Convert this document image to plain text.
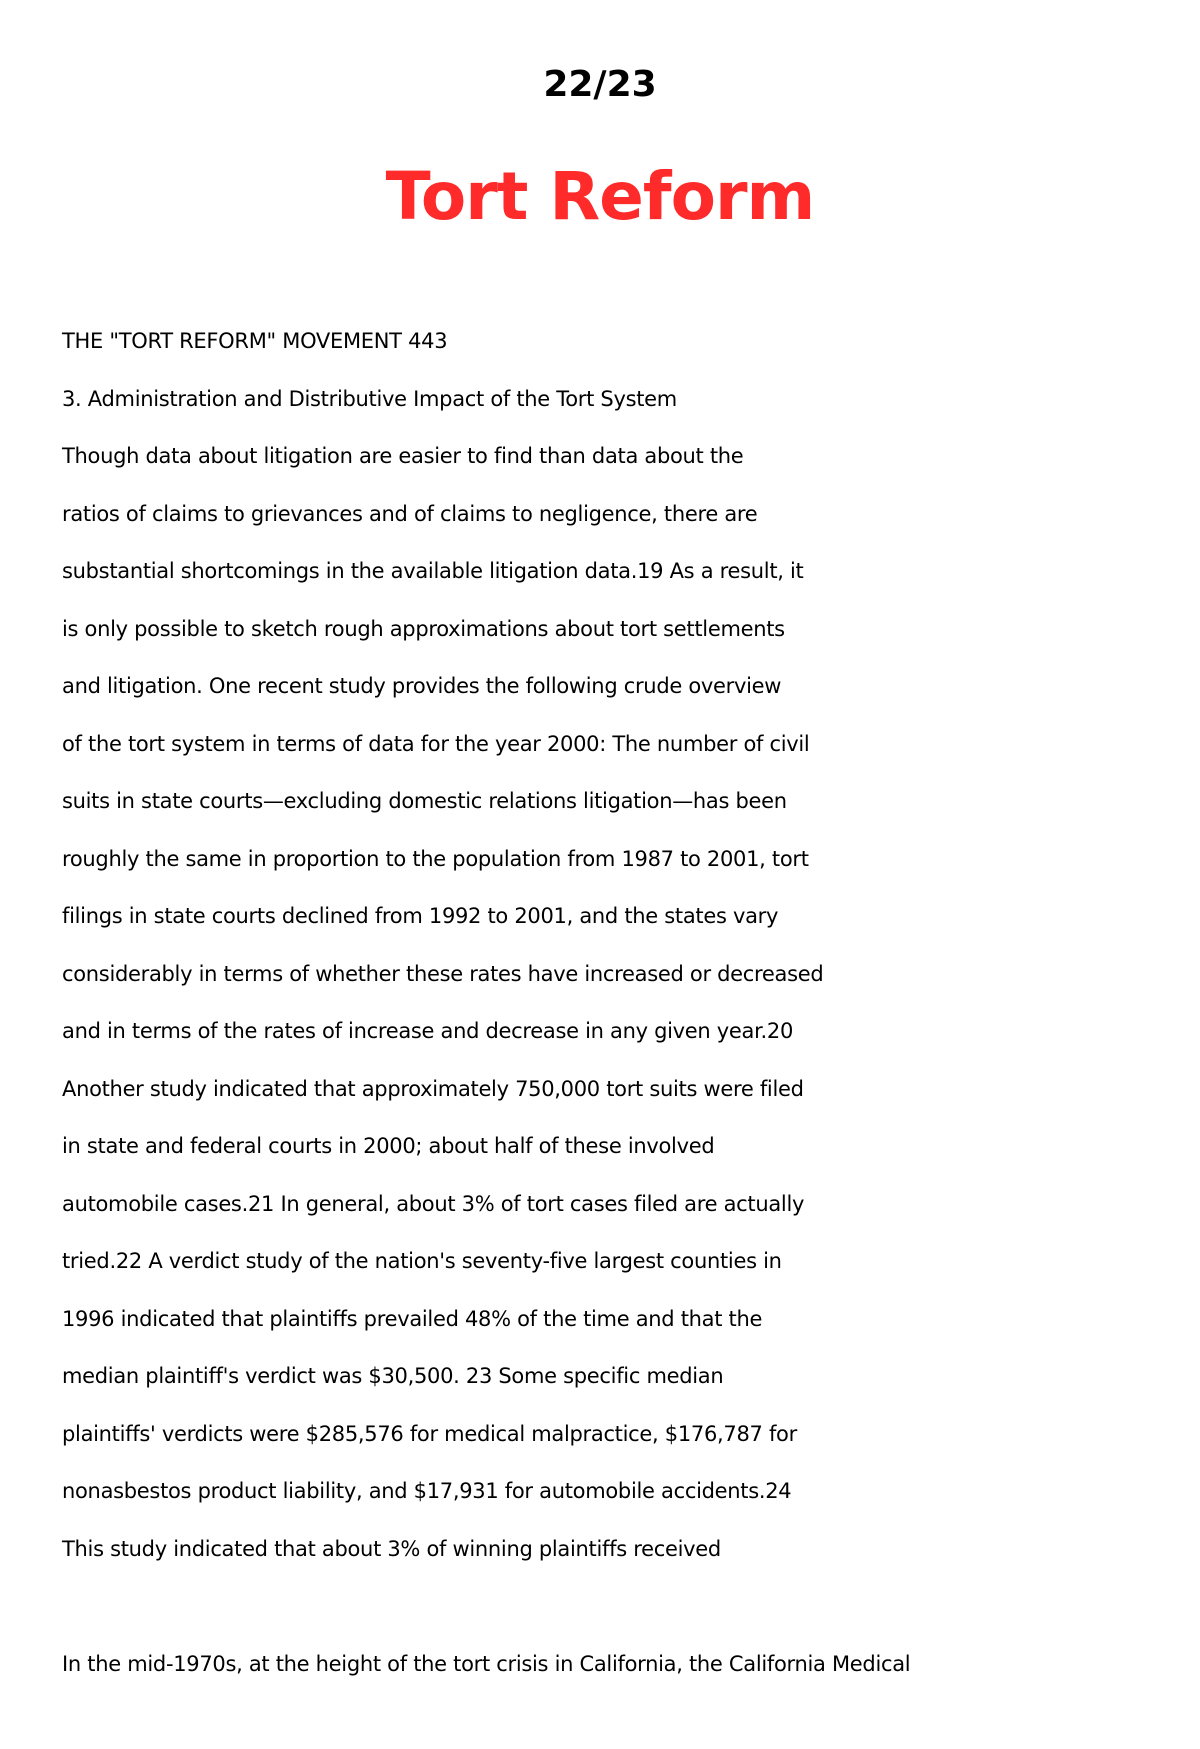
22/23
Tort Reform
THE "TORT REFORM" MOVEMENT 443
3. Administration and Distributive Impact of the Tort System
Though data about litigation are easier to find than data about the
ratios of claims to grievances and of claims to negligence, there are
substantial shortcomings in the available litigation data.19 As a result, it
is only possible to sketch rough approximations about tort settlements
and litigation. One recent study provides the following crude overview
of the tort system in terms of data for the year 2000: The number of civil
suits in state courts—excluding domestic relations litigation—has been
roughly the same in proportion to the population from 1987 to 2001, tort
filings in state courts declined from 1992 to 2001, and the states vary
considerably in terms of whether these rates have increased or decreased
and in terms of the rates of increase and decrease in any given year.20
Another study indicated that approximately 750,000 tort suits were filed
in state and federal courts in 2000; about half of these involved
automobile cases.21 In general, about 3% of tort cases filed are actually
tried.22 A verdict study of the nation's seventy-five largest counties in
1996 indicated that plaintiffs prevailed 48% of the time and that the
median plaintiff's verdict was $30,500. 23 Some specific median
plaintiffs' verdicts were $285,576 for medical malpractice, $176,787 for
nonasbestos product liability, and $17,931 for automobile accidents.24
This study indicated that about 3% of winning plaintiffs received
In the mid-1970s, at the height of the tort crisis in California, the California Medical
